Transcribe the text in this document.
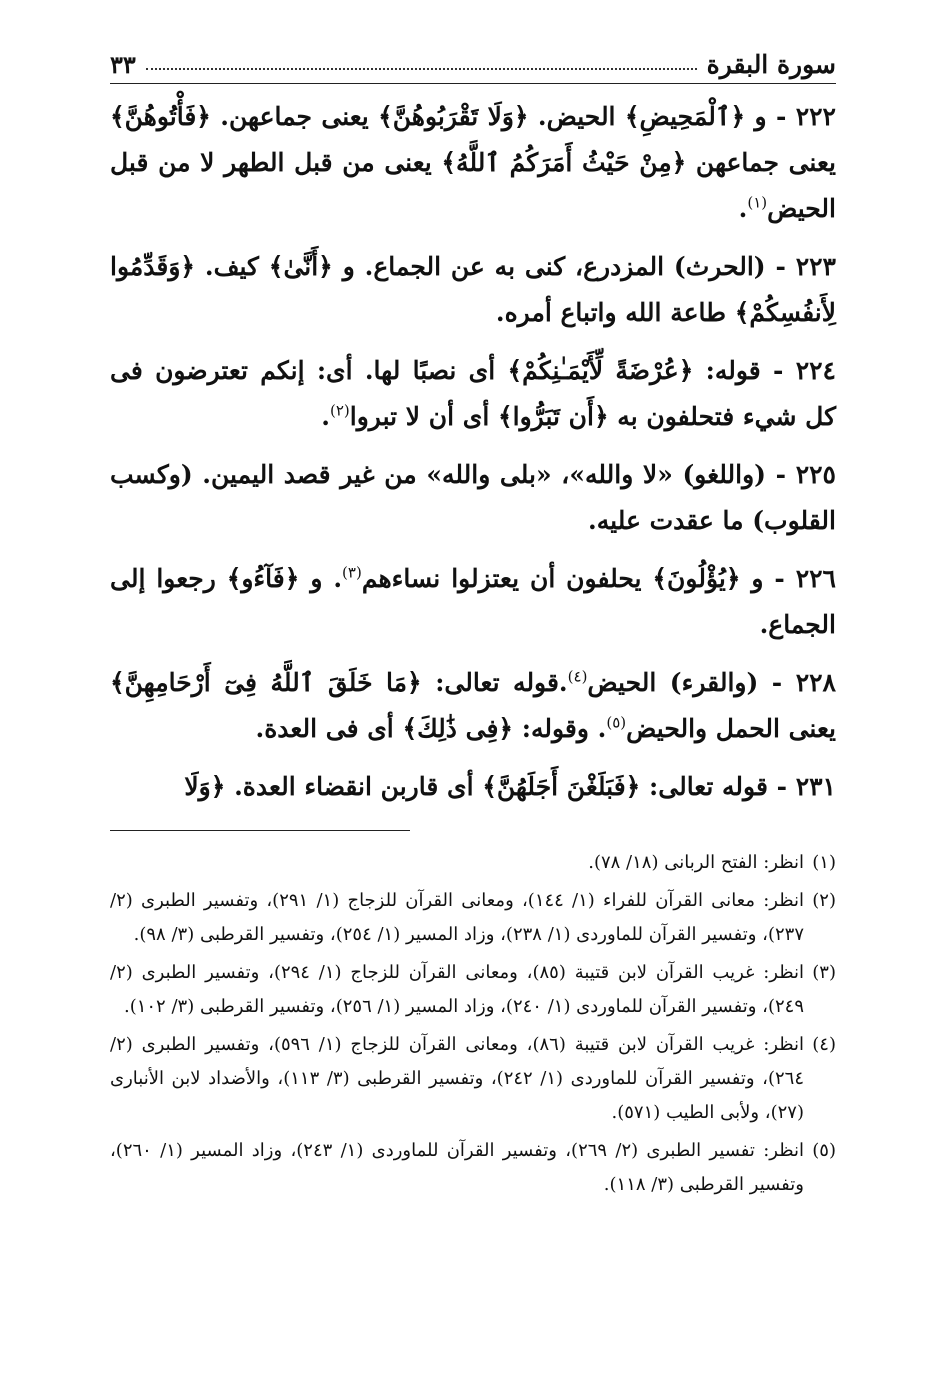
سورة البقرة
٣٣

٢٢٢ - و ﴿ٱلْمَحِيضِ﴾ الحيض. ﴿وَلَا تَقْرَبُوهُنَّ﴾ يعنى جماعهن. ﴿فَأْتُوهُنَّ﴾ يعنى جماعهن ﴿مِنْ حَيْثُ أَمَرَكُمُ ٱللَّهُ﴾ يعنى من قبل الطهر لا من قبل الحيض$^{(١)}$.

٢٢٣ - (الحرث) المزدرع، كنى به عن الجماع. و ﴿أَنَّىٰ﴾ كيف. ﴿وَقَدِّمُوا لِأَنفُسِكُمْ﴾ طاعة الله واتباع أمره.

٢٢٤ - قوله: ﴿عُرْضَةً لِّأَيْمَـٰنِكُمْ﴾ أى نصبًا لها. أى: إنكم تعترضون فى كل شيء فتحلفون به ﴿أَن تَبَرُّوا﴾ أى أن لا تبروا$^{(٢)}$.

٢٢٥ - (واللغو) «لا والله»، «بلى والله» من غير قصد اليمين. (وكسب القلوب) ما عقدت عليه.

٢٢٦ - و ﴿يُؤْلُونَ﴾ يحلفون أن يعتزلوا نساءهم$^{(٣)}$. و ﴿فَآءُو﴾ رجعوا إلى الجماع.

٢٢٨ - (والقرء) الحيض$^{(٤)}$.قوله تعالى: ﴿مَا خَلَقَ ٱللَّهُ فِىٓ أَرْحَامِهِنَّ﴾ يعنى الحمل والحيض$^{(٥)}$. وقوله: ﴿فِى ذَٰلِكَ﴾ أى فى العدة.

٢٣١ - قوله تعالى: ﴿فَبَلَغْنَ أَجَلَهُنَّ﴾ أى قاربن انقضاء العدة. ﴿وَلَا

(١)
انظر: الفتح الربانى (١٨/ ٧٨).

(٢)
انظر: معانى القرآن للفراء (١/ ١٤٤)، ومعانى القرآن للزجاج (١/ ٢٩١)، وتفسير الطبرى (٢/ ٢٣٧)، وتفسير القرآن للماوردى (١/ ٢٣٨)، وزاد المسير (١/ ٢٥٤)، وتفسير القرطبى (٣/ ٩٨).

(٣)
انظر: غريب القرآن لابن قتيبة (٨٥)، ومعانى القرآن للزجاج (١/ ٢٩٤)، وتفسير الطبرى (٢/ ٢٤٩)، وتفسير القرآن للماوردى (١/ ٢٤٠)، وزاد المسير (١/ ٢٥٦)، وتفسير القرطبى (٣/ ١٠٢).

(٤)
انظر: غريب القرآن لابن قتيبة (٨٦)، ومعانى القرآن للزجاج (١/ ٥٩٦)، وتفسير الطبرى (٢/ ٢٦٤)، وتفسير القرآن للماوردى (١/ ٢٤٢)، وتفسير القرطبى (٣/ ١١٣)، والأضداد لابن الأنبارى (٢٧)، ولأبى الطيب (٥٧١).

(٥)
انظر: تفسير الطبرى (٢/ ٢٦٩)، وتفسير القرآن للماوردى (١/ ٢٤٣)، وزاد المسير (١/ ٢٦٠)، وتفسير القرطبى (٣/ ١١٨).
